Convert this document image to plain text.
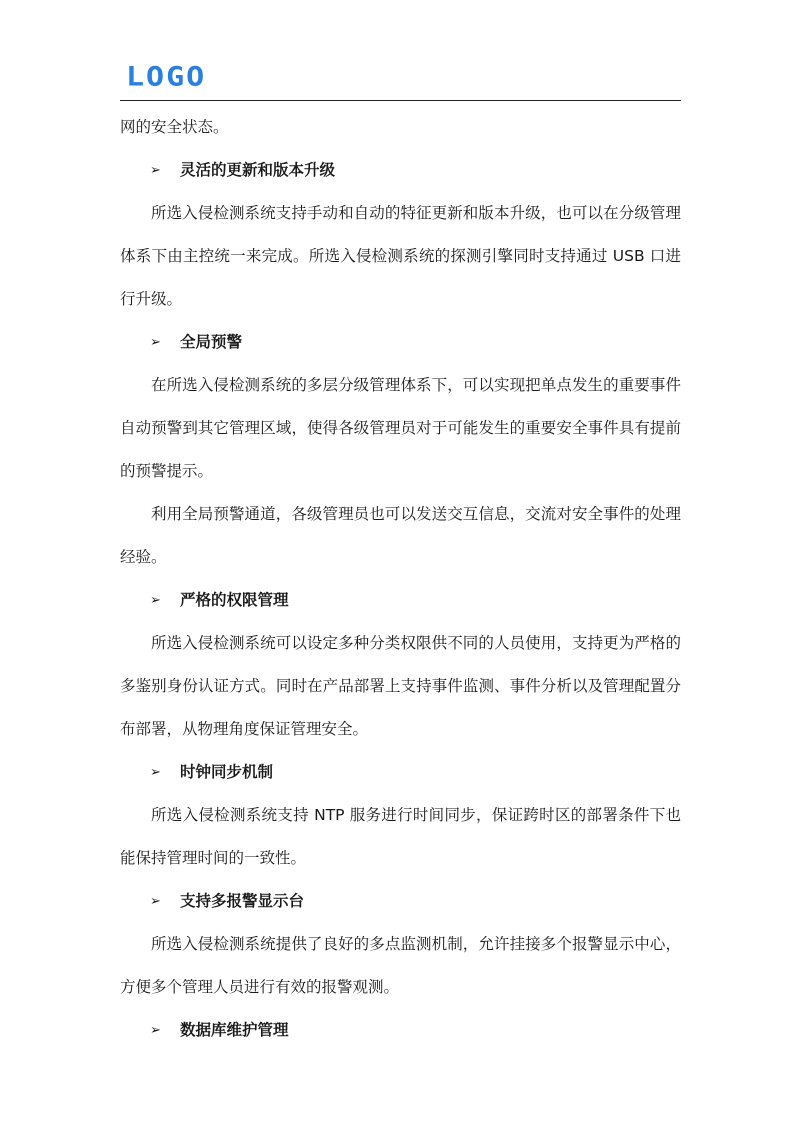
LOGO

网的安全状态。

➢	灵活的更新和版本升级

所选入侵检测系统支持手动和自动的特征更新和版本升级，也可以在分级管理体系下由主控统一来完成。所选入侵检测系统的探测引擎同时支持通过 USB 口进行升级。

➢	全局预警

在所选入侵检测系统的多层分级管理体系下，可以实现把单点发生的重要事件自动预警到其它管理区域，使得各级管理员对于可能发生的重要安全事件具有提前的预警提示。

利用全局预警通道，各级管理员也可以发送交互信息，交流对安全事件的处理经验。

➢	严格的权限管理

所选入侵检测系统可以设定多种分类权限供不同的人员使用，支持更为严格的多鉴别身份认证方式。同时在产品部署上支持事件监测、事件分析以及管理配置分布部署，从物理角度保证管理安全。

➢	时钟同步机制

所选入侵检测系统支持 NTP 服务进行时间同步，保证跨时区的部署条件下也能保持管理时间的一致性。

➢	支持多报警显示台

所选入侵检测系统提供了良好的多点监测机制，允许挂接多个报警显示中心，方便多个管理人员进行有效的报警观测。

➢	数据库维护管理
